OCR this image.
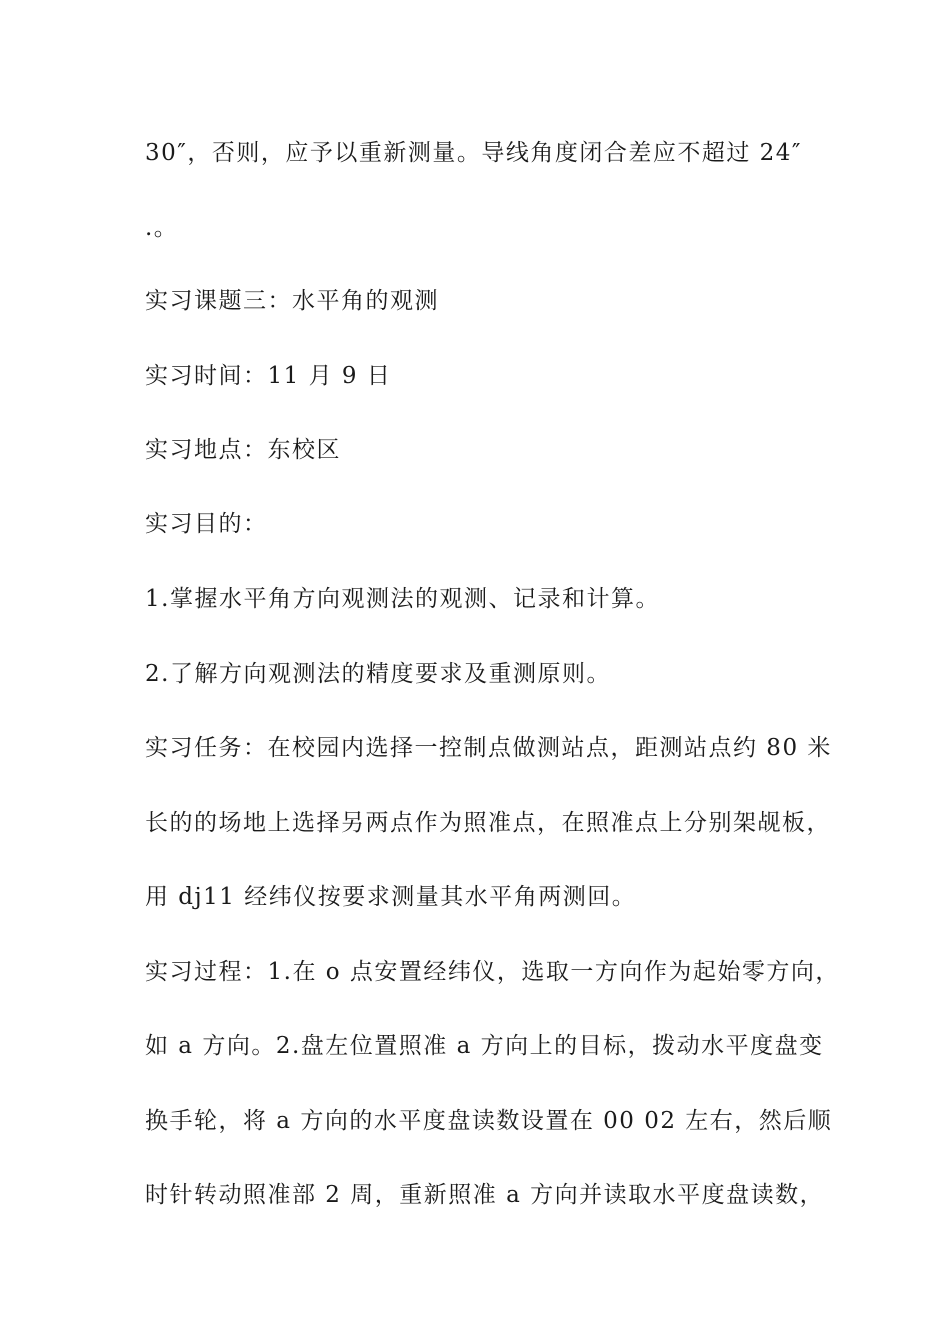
30″，否则，应予以重新测量。导线角度闭合差应不超过 24″

.。

实习课题三：水平角的观测

实习时间：11 月 9 日

实习地点：东校区

实习目的：

1.掌握水平角方向观测法的观测、记录和计算。

2.了解方向观测法的精度要求及重测原则。

实习任务：在校园内选择一控制点做测站点，距测站点约 80 米

长的的场地上选择另两点作为照准点，在照准点上分别架觇板，

用 dj11 经纬仪按要求测量其水平角两测回。

实习过程：1.在 o 点安置经纬仪，选取一方向作为起始零方向，

如 a 方向。2.盘左位置照准 a 方向上的目标，拨动水平度盘变

换手轮，将 a 方向的水平度盘读数设置在 00 02 左右，然后顺

时针转动照准部 2 周，重新照准 a 方向并读取水平度盘读数，
